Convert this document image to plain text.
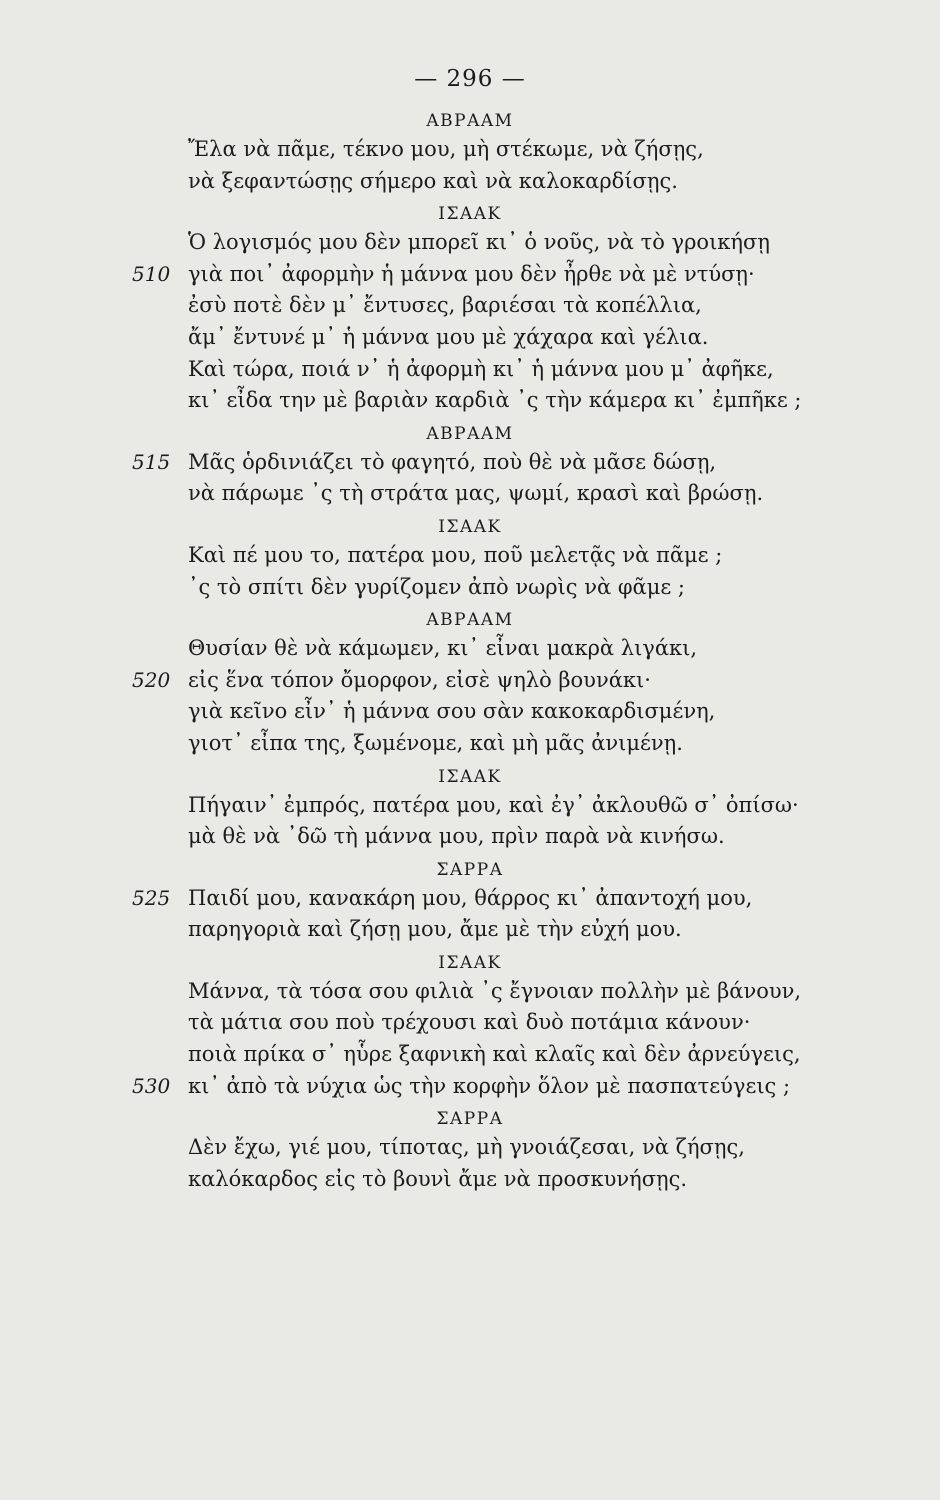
— 296 —
ΑΒΡΑΑΜ
Ἔλα νὰ πᾶμε, τέκνο μου, μὴ στέκωμε, νὰ ζήσῃς,
νὰ ξεφαντώσῃς σήμερο καὶ νὰ καλοκαρδίσῃς.
ΙΣΑΑΚ
Ὁ λογισμός μου δὲν μπορεῖ κι᾽ ὁ νοῦς, νὰ τὸ γροικήσῃ
510 γιὰ ποι᾽ ἀφορμὴν ἡ μάννα μου δὲν ἦρθε νὰ μὲ ντύσῃ·
ἐσὺ ποτὲ δὲν μ᾽ ἔντυσες, βαριέσαι τὰ κοπέλλια,
ἄμ᾽ ἔντυνέ μ᾽ ἡ μάννα μου μὲ χάχαρα καὶ γέλια.
Καὶ τώρα, ποιά ν᾽ ἡ ἀφορμὴ κι᾽ ἡ μάννα μου μ᾽ ἀφῆκε,
κι᾽ εἶδα την μὲ βαριὰν καρδιὰ ᾽ς τὴν κάμερα κι᾽ ἐμπῆκε ;
ΑΒΡΑΑΜ
515 Μᾶς ὁρδινιάζει τὸ φαγητό, ποὺ θὲ νὰ μᾶσε δώσῃ,
νὰ πάρωμε ᾽ς τὴ στράτα μας, ψωμί, κρασὶ καὶ βρώσῃ.
ΙΣΑΑΚ
Καὶ πέ μου το, πατέρα μου, ποῦ μελετᾷς νὰ πᾶμε ;
᾽ς τὸ σπίτι δὲν γυρίζομεν ἀπὸ νωρὶς νὰ φᾶμε ;
ΑΒΡΑΑΜ
Θυσίαν θὲ νὰ κάμωμεν, κι᾽ εἶναι μακρὰ λιγάκι,
520 εἰς ἕνα τόπον ὄμορφον, εἰσὲ ψηλὸ βουνάκι·
γιὰ κεῖνο εἶν᾽ ἡ μάννα σου σὰν κακοκαρδισμένη,
γιοτ᾽ εἶπα της, ξωμένομε, καὶ μὴ μᾶς ἀνιμένῃ.
ΙΣΑΑΚ
Πήγαιν᾽ ἐμπρός, πατέρα μου, καὶ ἐγ᾽ ἀκλουθῶ σ᾽ ὀπίσω·
μὰ θὲ νὰ ᾽δῶ τὴ μάννα μου, πρὶν παρὰ νὰ κινήσω.
ΣΑΡΡΑ
525 Παιδί μου, κανακάρη μου, θάρρος κι᾽ ἀπαντοχή μου,
παρηγοριὰ καὶ ζήσῃ μου, ἄμε μὲ τὴν εὐχή μου.
ΙΣΑΑΚ
Μάννα, τὰ τόσα σου φιλιὰ ᾽ς ἔγνοιαν πολλὴν μὲ βάνουν,
τὰ μάτια σου ποὺ τρέχουσι καὶ δυὸ ποτάμια κάνουν·
ποιὰ πρίκα σ᾽ ηὗρε ξαφνικὴ καὶ κλαῖς καὶ δὲν ἀρνεύγεις,
530 κι᾽ ἀπὸ τὰ νύχια ὡς τὴν κορφὴν ὅλον μὲ πασπατεύγεις ;
ΣΑΡΡΑ
Δὲν ἔχω, γιέ μου, τίποτας, μὴ γνοιάζεσαι, νὰ ζήσῃς,
καλόκαρδος εἰς τὸ βουνὶ ἄμε νὰ προσκυνήσῃς.
